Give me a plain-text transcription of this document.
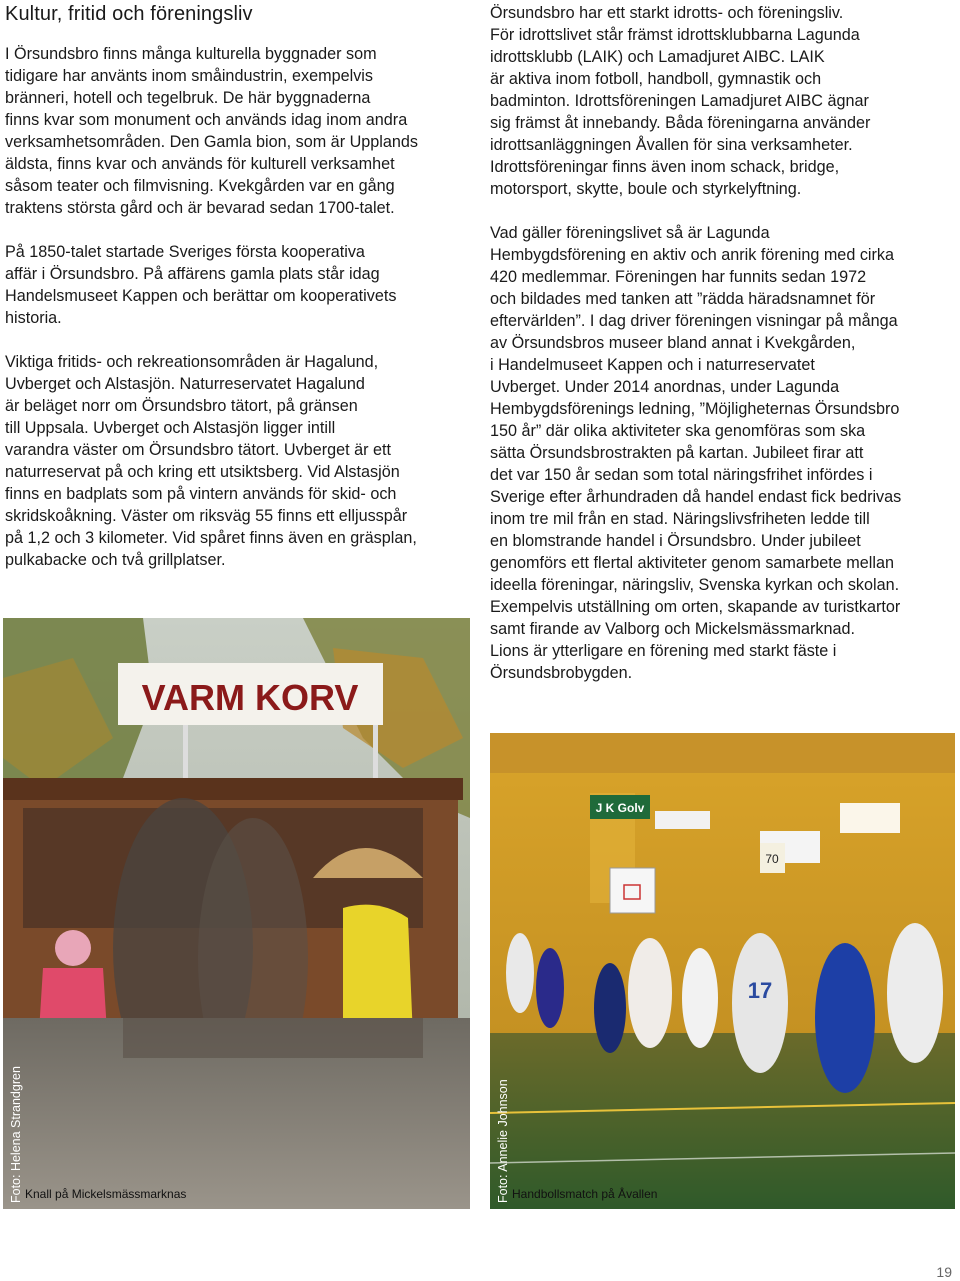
Kultur, fritid och föreningsliv

I Örsundsbro finns många kulturella byggnader som
tidigare har använts inom småindustrin, exempelvis
bränneri, hotell och tegelbruk. De här byggnaderna
finns kvar som monument och används idag inom andra
verksamhetsområden. Den Gamla bion, som är Upplands
äldsta, finns kvar och används för kulturell verksamhet
såsom teater och filmvisning. Kvekgården var en gång
traktens största gård och är bevarad sedan 1700-talet.

På 1850-talet startade Sveriges första kooperativa
affär i Örsundsbro. På affärens gamla plats står idag
Handelsmuseet Kappen och berättar om kooperativets
historia.

Viktiga fritids- och rekreationsområden är Hagalund,
Uvberget och Alstasjön. Naturreservatet Hagalund
är beläget norr om Örsundsbro tätort, på gränsen
till Uppsala. Uvberget och Alstasjön ligger intill
varandra väster om Örsundsbro tätort. Uvberget är ett
naturreservat på och kring ett utsiktsberg. Vid Alstasjön
finns en badplats som på vintern används för skid- och
skridskoåkning. Väster om riksväg 55 finns ett elljusspår
på 1,2 och 3 kilometer. Vid spåret finns även en gräsplan,
pulkabacke och två grillplatser.

Örsundsbro har ett starkt idrotts- och föreningsliv.
För idrottslivet står främst idrottsklubbarna Lagunda
idrottsklubb (LAIK) och Lamadjuret AIBC. LAIK
är aktiva inom fotboll, handboll, gymnastik och
badminton. Idrottsföreningen Lamadjuret AIBC ägnar
sig främst åt innebandy. Båda föreningarna använder
idrottsanläggningen Åvallen för sina verksamheter.
Idrottsföreningar finns även inom schack, bridge,
motorsport, skytte, boule och styrkelyftning.

Vad gäller föreningslivet så är Lagunda
Hembygdsförening en aktiv och anrik förening med cirka
420 medlemmar. Föreningen har funnits sedan 1972
och bildades med tanken att ”rädda häradsnamnet för
eftervärlden”. I dag driver föreningen visningar på många
av Örsundsbros museer bland annat i Kvekgården,
i Handelmuseet Kappen och i naturreservatet
Uvberget. Under 2014 anordnas, under Lagunda
Hembygdsförenings ledning, ”Möjligheternas Örsundsbro
150 år” där olika aktiviteter ska genomföras som ska
sätta Örsundsbrostrakten på kartan. Jubileet firar att
det var 150 år sedan som total näringsfrihet infördes i
Sverige efter århundraden då handel endast fick bedrivas
inom tre mil från en stad. Näringslivsfriheten ledde till
en blomstrande handel i Örsundsbro. Under jubileet
genomförs ett flertal aktiviteter genom samarbete mellan
ideella föreningar, näringsliv, Svenska kyrkan och skolan.
Exempelvis utställning om orten, skapande av turistkartor
samt firande av Valborg och Mickelsmässmarknad.
Lions är ytterligare en förening med starkt fäste i
Örsundsbrobygden.

VARM KORV
Foto: Helena Strandgren Knall på Mickelsmässmarknas
J K Golv
70
17
Foto: Annelie Johnson Handbollsmatch på Åvallen
19
